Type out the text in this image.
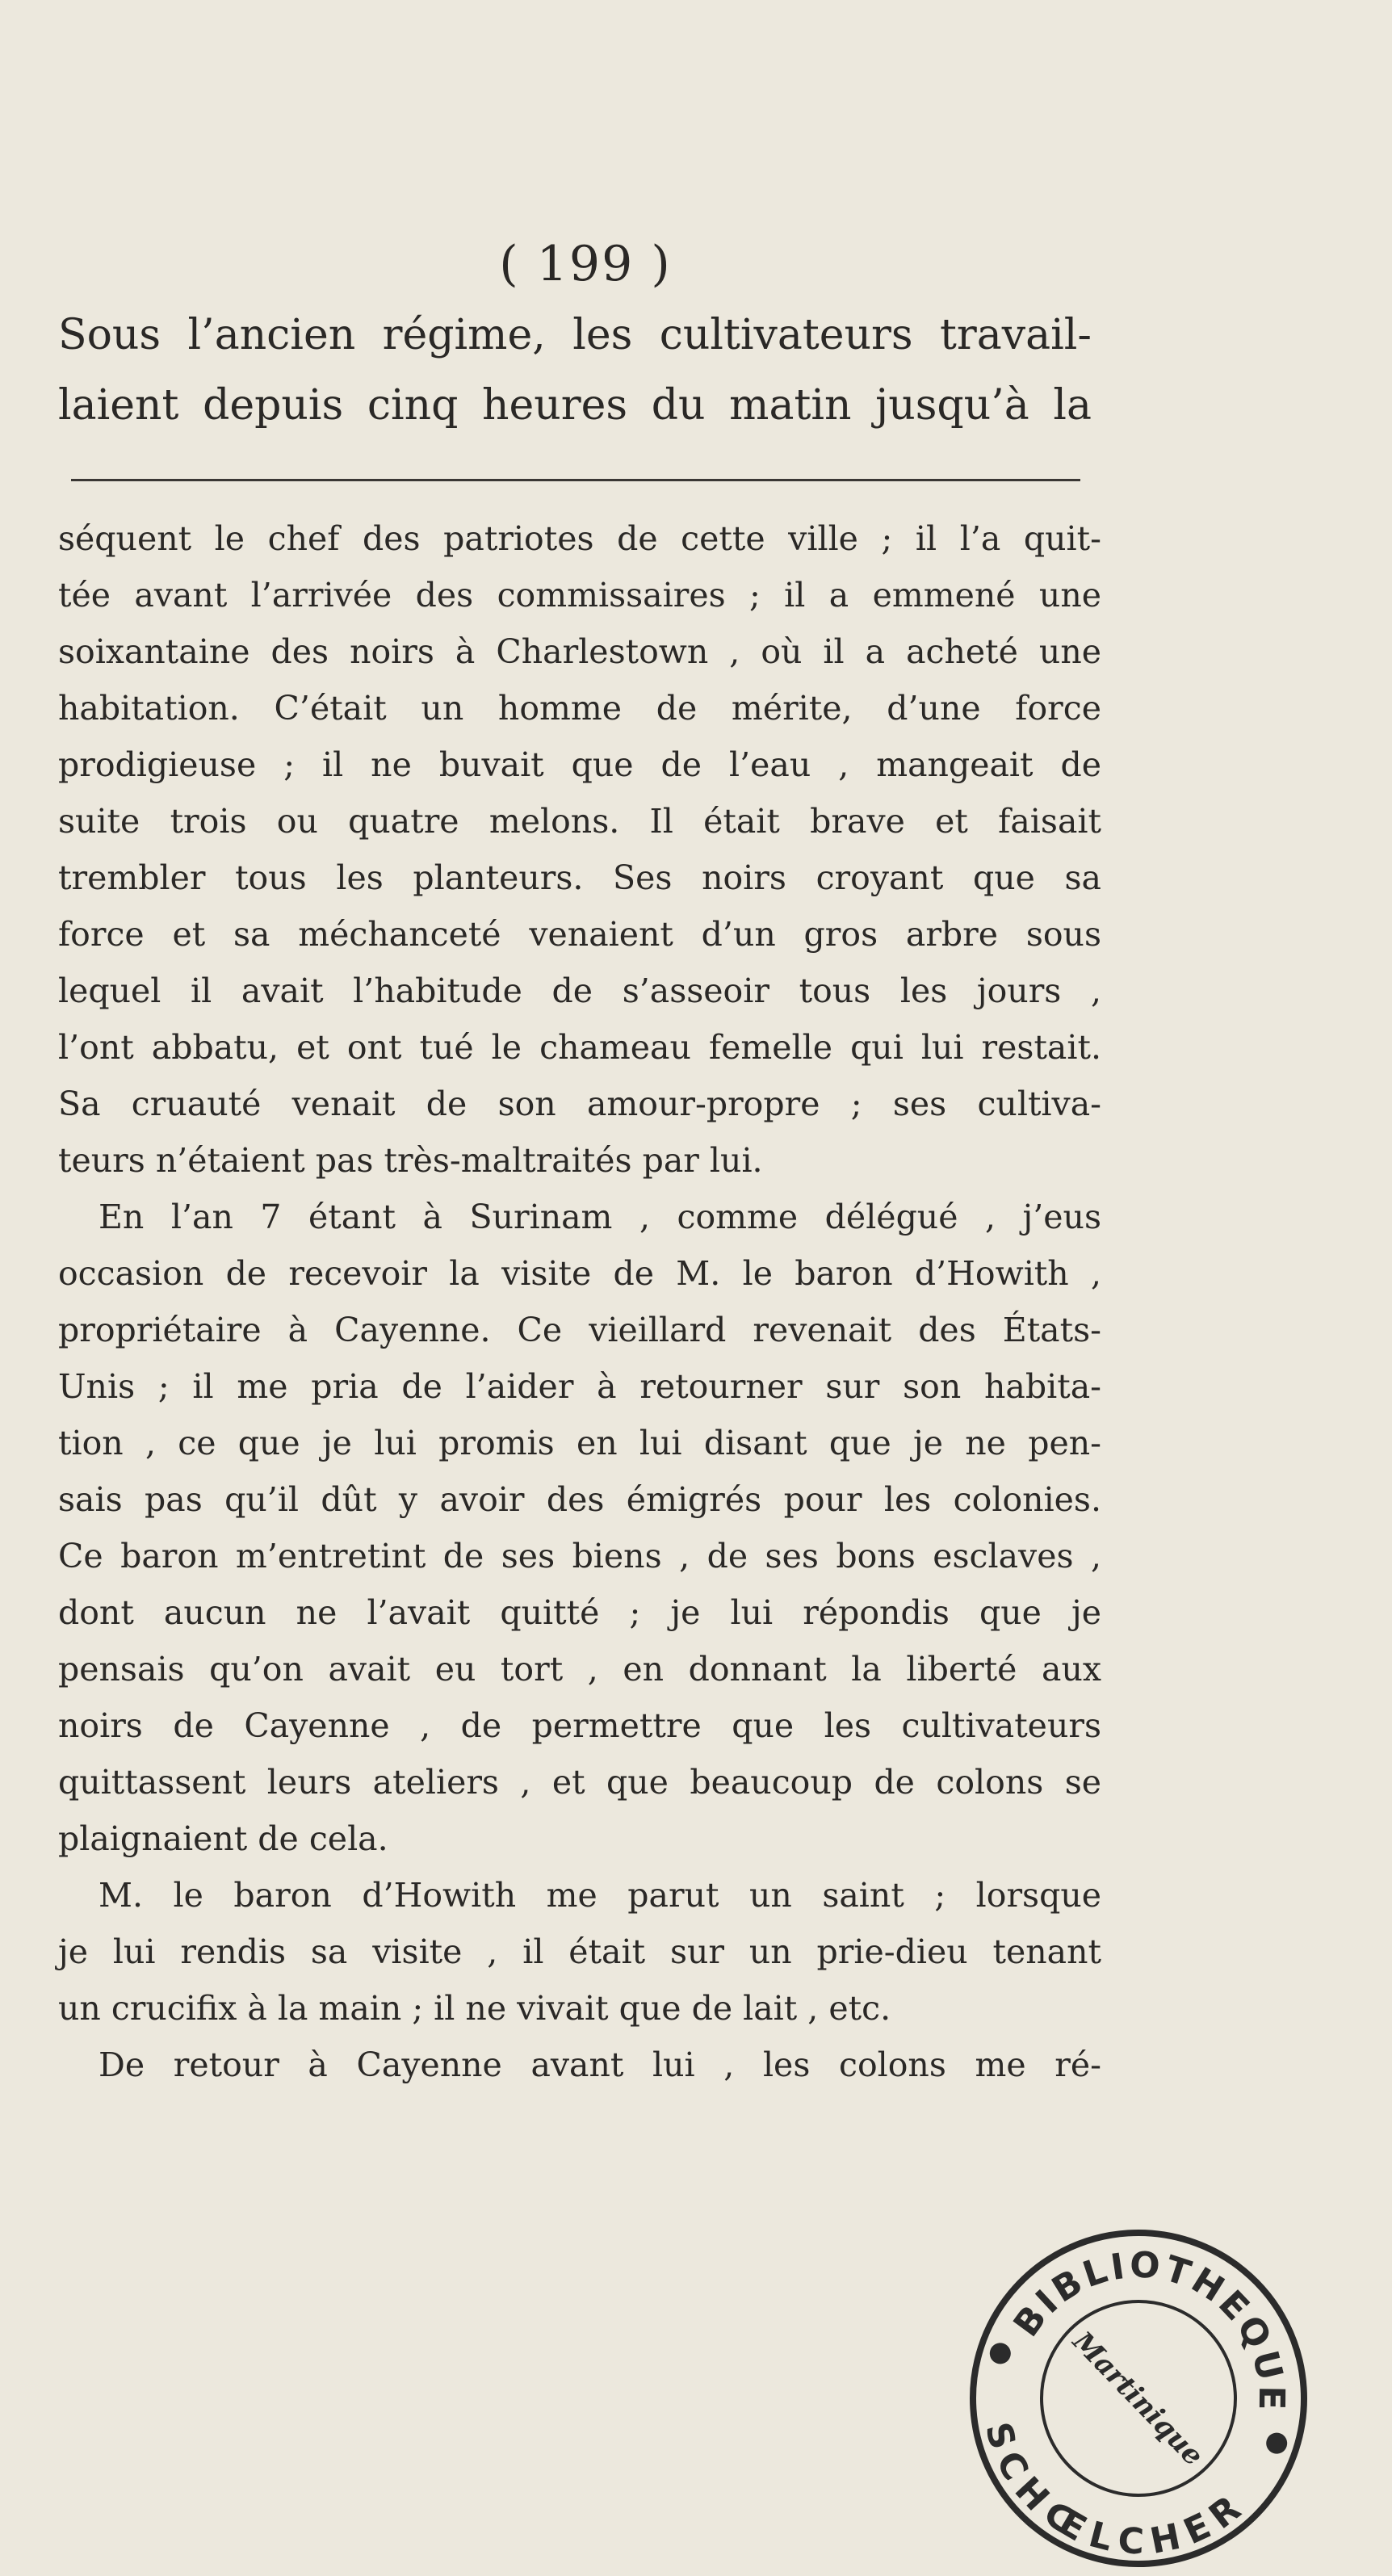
( 199 )
Sous l’ancien régime, les cultivateurs travail-
laient depuis cinq heures du matin jusqu’à la
séquent le chef des patriotes de cette ville ; il l’a quit-
tée avant l’arrivée des commissaires ; il a emmené une
soixantaine des noirs à Charlestown , où il a acheté une
habitation. C’était un homme de mérite, d’une force
prodigieuse ; il ne buvait que de l’eau , mangeait de
suite trois ou quatre melons. Il était brave et faisait
trembler tous les planteurs. Ses noirs croyant que sa
force et sa méchanceté venaient d’un gros arbre sous
lequel il avait l’habitude de s’asseoir tous les jours ,
l’ont abbatu, et ont tué le chameau femelle qui lui restait.
Sa cruauté venait de son amour-propre ; ses cultiva-
teurs n’étaient pas très-maltraités par lui.
En l’an 7 étant à Surinam , comme délégué , j’eus
occasion de recevoir la visite de M. le baron d’Howith ,
propriétaire à Cayenne. Ce vieillard revenait des États-
Unis ; il me pria de l’aider à retourner sur son habita-
tion , ce que je lui promis en lui disant que je ne pen-
sais pas qu’il dût y avoir des émigrés pour les colonies.
Ce baron m’entretint de ses biens , de ses bons esclaves ,
dont aucun ne l’avait quitté ; je lui répondis que je
pensais qu’on avait eu tort , en donnant la liberté aux
noirs de Cayenne , de permettre que les cultivateurs
quittassent leurs ateliers , et que beaucoup de colons se
plaignaient de cela.
M. le baron d’Howith me parut un saint ; lorsque
je lui rendis sa visite , il était sur un prie-dieu tenant
un crucifix à la main ; il ne vivait que de lait , etc.
De retour à Cayenne avant lui , les colons me ré-
BIBLIOTHEQUE
SCHŒLCHER
Martinique
